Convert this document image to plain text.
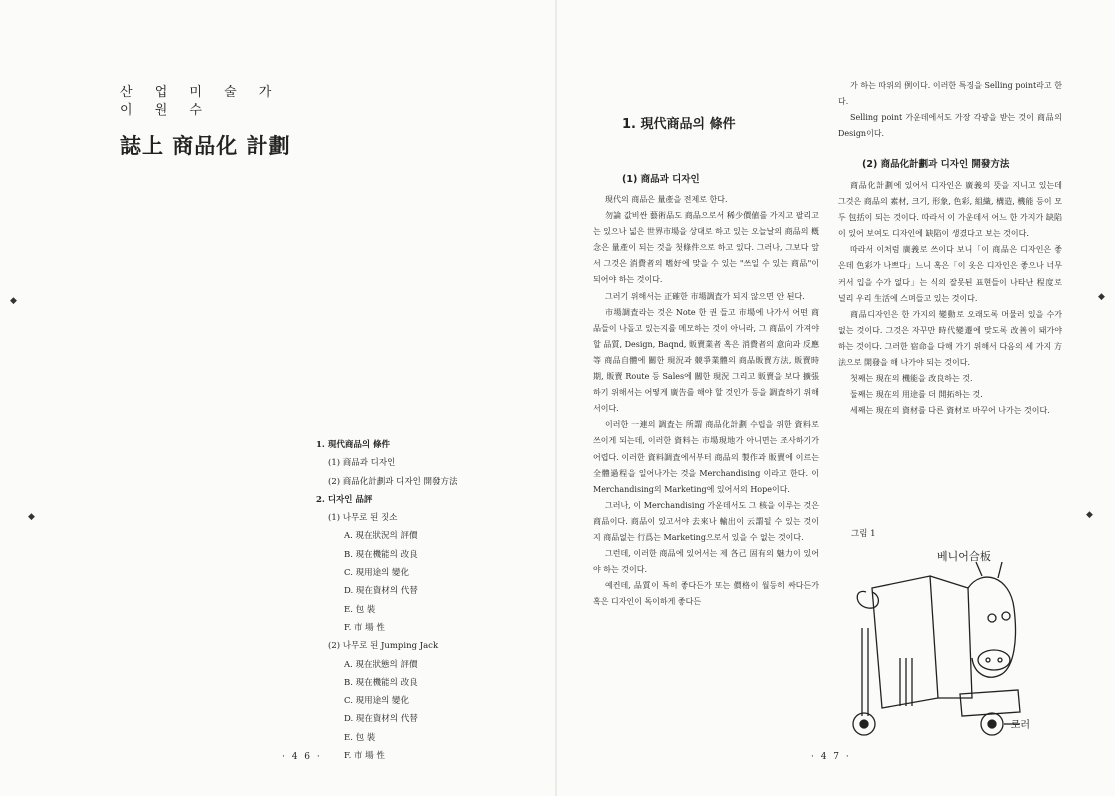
산 업 미 술 가
이 원 수
誌上 商品化 計劃
1. 現代商品의 條件
(1) 商品과 디자인
(2) 商品化計劃과 디자인 開發方法
2. 디자인 品評
(1) 나무로 된 짓소
A. 現在狀況의 評價
B. 現在機能의 改良
C. 現用途의 變化
D. 現在資材의 代替
E. 包 裝
F. 市 場 性
(2) 나무로 된 Jumping Jack
A. 現在狀態의 評價
B. 現在機能의 改良
C. 現用途의 變化
D. 現在資材의 代替
E. 包 裝
F. 市 場 性
· 4 6 ·
1. 現代商品의 條件
(1) 商品과 디자인

現代의 商品은 量產을 전제로 한다.

勿論 값비싼 藝術品도 商品으로서 稀少價値를 가지고 팔리고는 있으나 넓은 世界市場을 상대로 하고 있는 오늘날의 商品의 槪念은 量產이 되는 것을 첫條件으로 하고 있다. 그러나, 그보다 앞서 그것은 消費者의 嗜好에 맞을 수 있는 "쓰일 수 있는 商品"이 되어야 하는 것이다.

그러기 위해서는 正確한 市場調査가 되지 않으면 안 된다.

市場調査라는 것은 Note 한 권 들고 市場에 나가서 어떤 商品들이 나돌고 있는지를 메모하는 것이 아니라, 그 商品이 가져야 할 品質, Design, Baqnd, 販賣業者 혹은 消費者의 意向과 反應等 商品自體에 關한 現況과 競爭業體의 商品販賣方法, 販賣時期, 販賣 Route 등 Sales에 關한 現況 그리고 販賣을 보다 擴張하기 위해서는 어떻게 廣告를 해야 할 것인가 등을 調査하기 위해서이다.

이러한 一連의 調査는 所謂 商品化計劃 수립을 위한 資料로 쓰이게 되는데, 이러한 資料는 市場現地가 아니면는 조사하기가 어렵다. 이러한 資料調査에서부터 商品의 製作과 販賣에 이르는 全體過程을 일어나가는 것을 Merchandising 이라고 한다. 이 Merchandising의 Marketing에 있어서의 Hope이다.

그러나, 이 Merchandising 가운데서도 그 核을 이루는 것은 商品이다. 商品이 있고서야 去來나 輸出이 云謂될 수 있는 것이지 商品없는 行爲는 Marketing으로서 있을 수 없는 것이다.

그런데, 이러한 商品에 있어서는 제 各己 固有의 魅力이 있어야 하는 것이다.

예컨데, 品質이 특히 좋다든가 또는 價格이 월등히 싸다든가 혹은 디자인이 독이하게 좋다든

가 하는 따위의 例이다. 이러한 특징을 Selling point라고 한다.

Selling point 가운데에서도 가장 각광을 받는 것이 商品의 Design이다.

(2) 商品化計劃과 디자인 開發方法

商品化計劃에 있어서 디자인은 廣義의 뜻을 지니고 있는데 그것은 商品의 素材, 크기, 形象, 色彩, 組織, 構造, 機能 등이 모두 包括이 되는 것이다. 따라서 이 가운데서 어느 한 가지가 缺陷이 있어 보여도 디자인에 缺陷이 생겼다고 보는 것이다.

따라서 이처럼 廣義로 쓰이다 보니「이 商品은 디자인은 좋은데 色彩가 나쁘다」느니 혹은「이 옷은 디자인은 좋으나 너무 커서 입을 수가 없다」는 식의 잘못된 표현들이 나타난 程度로 널리 우리 生活에 스며들고 있는 것이다.

商品디자인은 한 가지의 變動로 오래도록 머물러 있을 수가 없는 것이다. 그것은 자꾸만 時代變遷에 맞도록 改善이 돼가야 하는 것이다. 그러한 宿命을 다해 가기 위해서 다음의 세 가지 方法으로 開發을 해 나가야 되는 것이다.

첫째는 現在의 機能을 改良하는 것.

둘째는 現在의 用途를 더 開拓하는 것.

세째는 現在의 資材를 다른 資材로 바꾸어 나가는 것이다.

그림 1
베니어合板
로러
· 4 7 ·
◆
◆
◆
◆
